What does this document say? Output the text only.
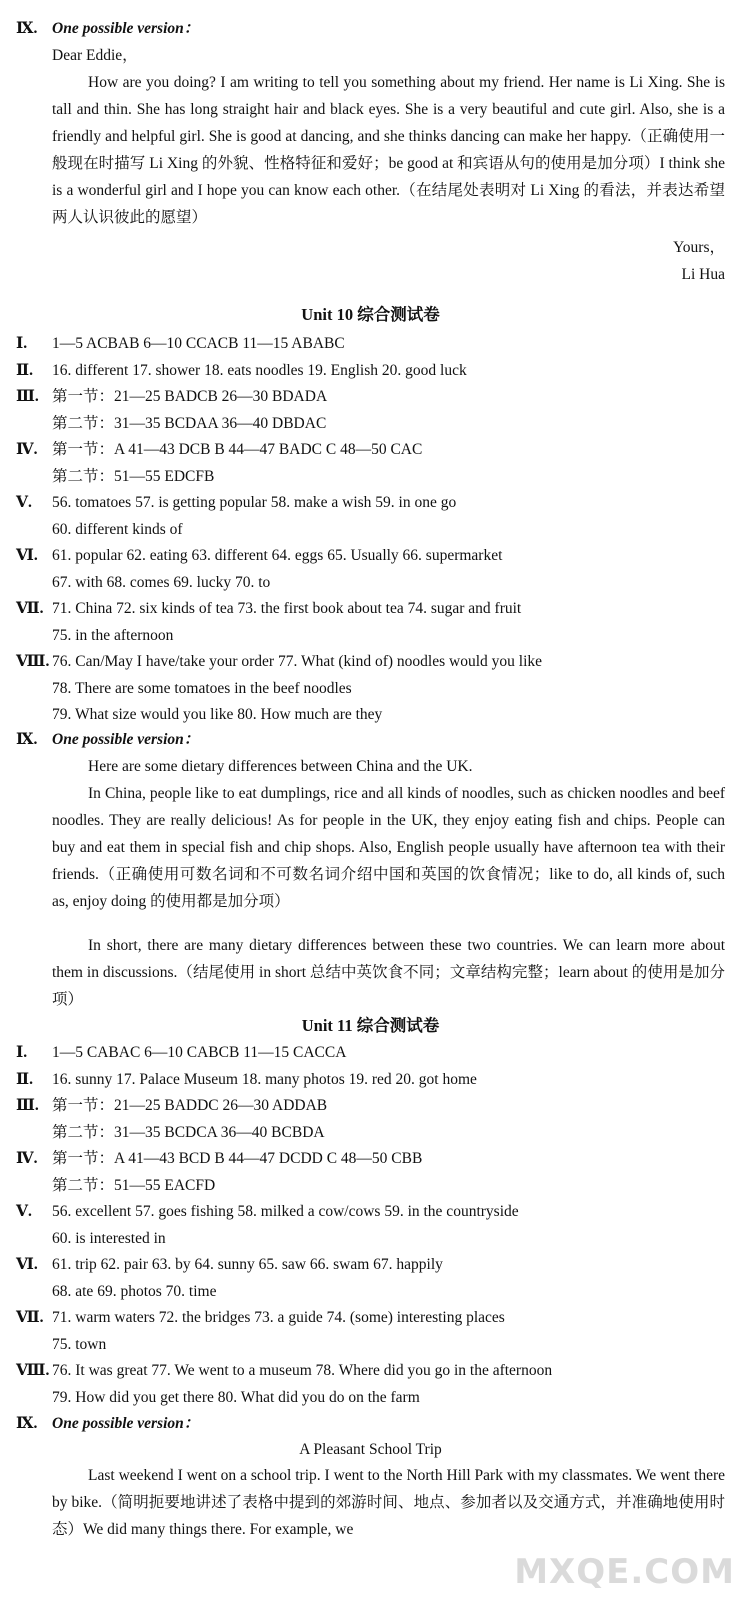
Ⅸ. One possible version：
Dear Eddie，
How are you doing? I am writing to tell you something about my friend. Her name is Li Xing. She is tall and thin. She has long straight hair and black eyes. She is a very beautiful and cute girl. Also, she is a friendly and helpful girl. She is good at dancing, and she thinks dancing can make her happy.（正确使用一般现在时描写 Li Xing 的外貌、性格特征和爱好；be good at 和宾语从句的使用是加分项）I think she is a wonderful girl and I hope you can know each other.（在结尾处表明对 Li Xing 的看法，并表达希望两人认识彼此的愿望）
Yours，
Li Hua
Unit 10 综合测试卷
Ⅰ. 1—5 ACBAB 6—10 CCACB 11—15 ABABC
Ⅱ. 16. different 17. shower 18. eats noodles 19. English 20. good luck
Ⅲ. 第一节：21—25 BADCB 26—30 BDADA
第二节：31—35 BCDAA 36—40 DBDAC
Ⅳ. 第一节：A 41—43 DCB B 44—47 BADC C 48—50 CAC
第二节：51—55 EDCFB
Ⅴ. 56. tomatoes 57. is getting popular 58. make a wish 59. in one go
60. different kinds of
Ⅵ. 61. popular 62. eating 63. different 64. eggs 65. Usually 66. supermarket
67. with 68. comes 69. lucky 70. to
Ⅶ. 71. China 72. six kinds of tea 73. the first book about tea 74. sugar and fruit
75. in the afternoon
Ⅷ. 76. Can/May I have/take your order 77. What (kind of) noodles would you like
78. There are some tomatoes in the beef noodles
79. What size would you like 80. How much are they
Ⅸ. One possible version：
Here are some dietary differences between China and the UK.
In China, people like to eat dumplings, rice and all kinds of noodles, such as chicken noodles and beef noodles. They are really delicious! As for people in the UK, they enjoy eating fish and chips. People can buy and eat them in special fish and chip shops. Also, English people usually have afternoon tea with their friends.（正确使用可数名词和不可数名词介绍中国和英国的饮食情况；like to do, all kinds of, such as, enjoy doing 的使用都是加分项）
In short, there are many dietary differences between these two countries. We can learn more about them in discussions.（结尾使用 in short 总结中英饮食不同；文章结构完整；learn about 的使用是加分项）
Unit 11 综合测试卷
Ⅰ. 1—5 CABAC 6—10 CABCB 11—15 CACCA
Ⅱ. 16. sunny 17. Palace Museum 18. many photos 19. red 20. got home
Ⅲ. 第一节：21—25 BADDC 26—30 ADDAB
第二节：31—35 BCDCA 36—40 BCBDA
Ⅳ. 第一节：A 41—43 BCD B 44—47 DCDD C 48—50 CBB
第二节：51—55 EACFD
Ⅴ. 56. excellent 57. goes fishing 58. milked a cow/cows 59. in the countryside
60. is interested in
Ⅵ. 61. trip 62. pair 63. by 64. sunny 65. saw 66. swam 67. happily
68. ate 69. photos 70. time
Ⅶ. 71. warm waters 72. the bridges 73. a guide 74. (some) interesting places
75. town
Ⅷ. 76. It was great 77. We went to a museum 78. Where did you go in the afternoon
79. How did you get there 80. What did you do on the farm
Ⅸ. One possible version：
A Pleasant School Trip
Last weekend I went on a school trip. I went to the North Hill Park with my classmates. We went there by bike.（简明扼要地讲述了表格中提到的郊游时间、地点、参加者以及交通方式，并准确地使用时态）We did many things there. For example, we
MXQE.COM
